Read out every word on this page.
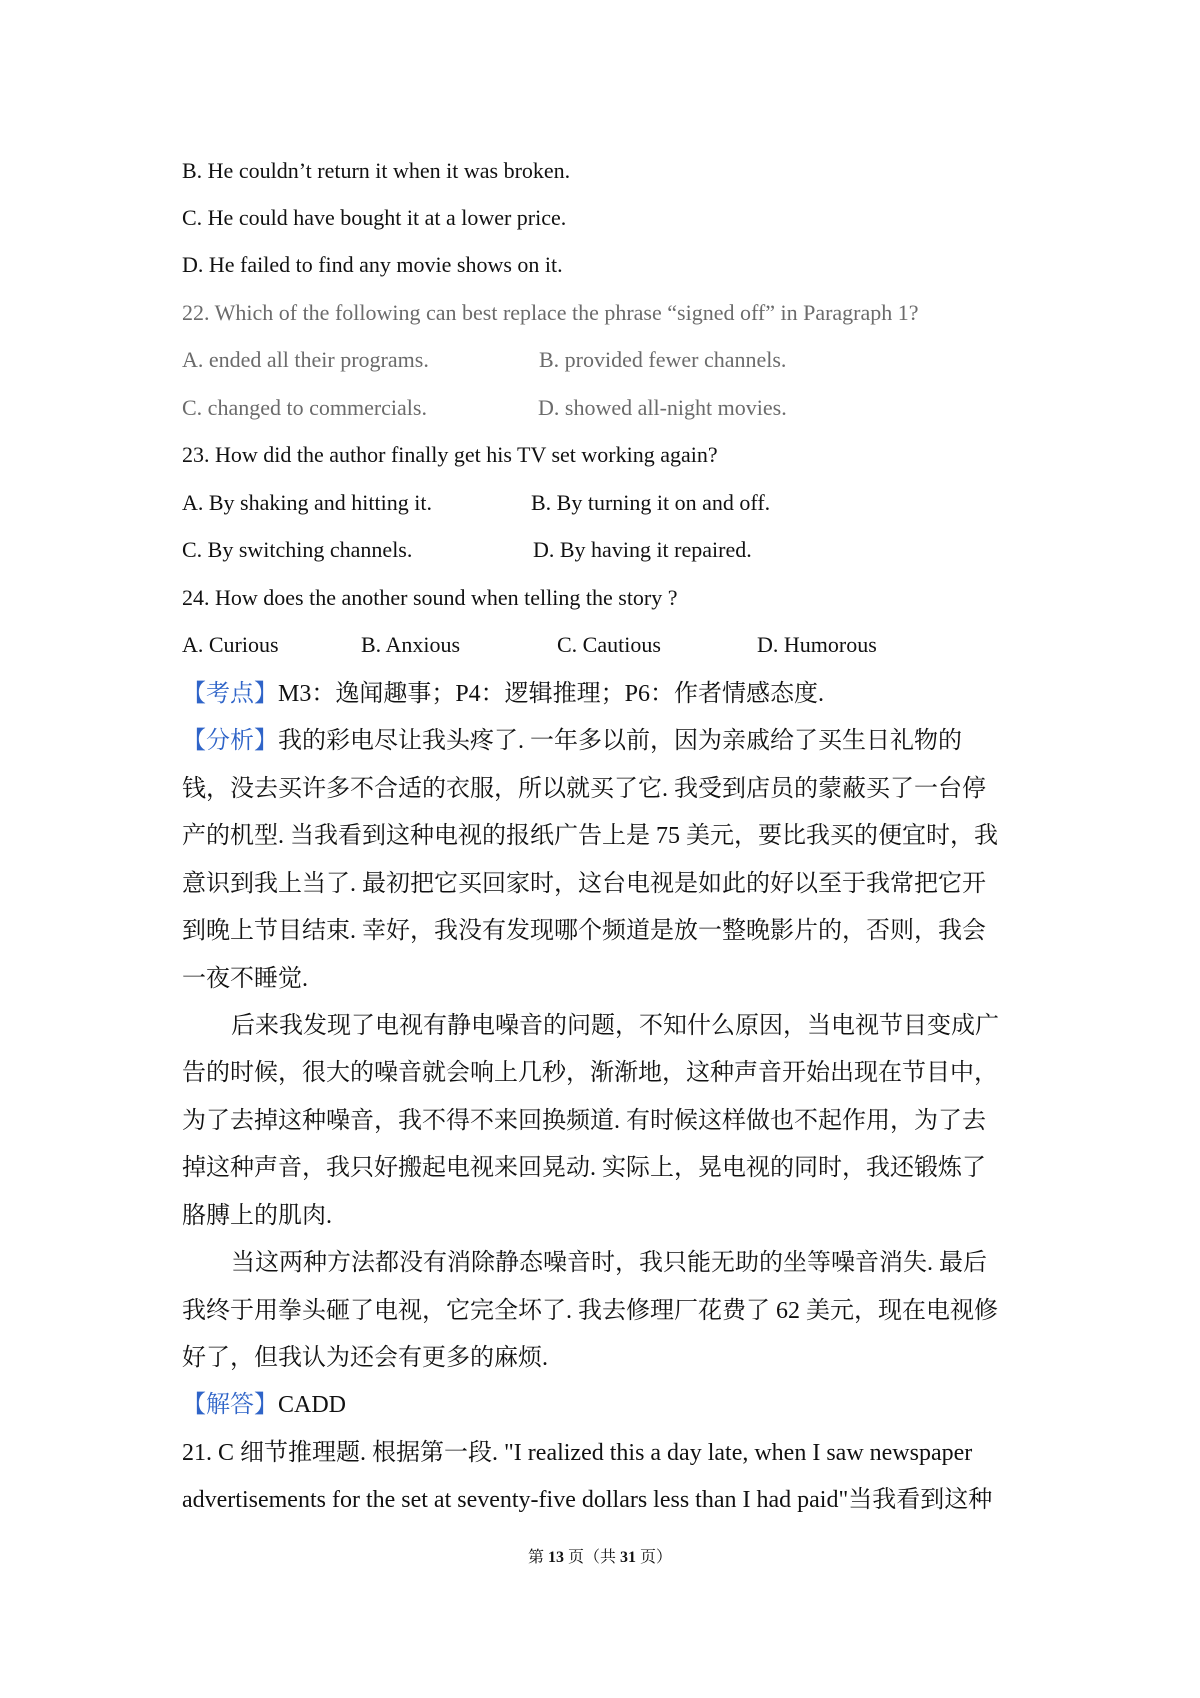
B. He couldn’t return it when it was broken.
C. He could have bought it at a lower price.
D. He failed to find any movie shows on it.
22. Which of the following can best replace the phrase “signed off” in Paragraph 1?
A. ended all their programs.	B. provided fewer channels.
C. changed to commercials.	D. showed all-night movies.
23. How did the author finally get his TV set working again?
A. By shaking and hitting it.	B. By turning it on and off.
C. By switching channels.	D. By having it repaired.
24. How does the another sound when telling the story ?
A. Curious	B. Anxious	C. Cautious	D. Humorous
【考点】M3：逸闻趣事；P4：逻辑推理；P6：作者情感态度.
【分析】我的彩电尽让我头疼了. 一年多以前，因为亲戚给了买生日礼物的
钱，没去买许多不合适的衣服，所以就买了它. 我受到店员的蒙蔽买了一台停
产的机型. 当我看到这种电视的报纸广告上是 75 美元，要比我买的便宜时，我
意识到我上当了. 最初把它买回家时，这台电视是如此的好以至于我常把它开
到晚上节目结束. 幸好，我没有发现哪个频道是放一整晚影片的，否则，我会
一夜不睡觉.
后来我发现了电视有静电噪音的问题，不知什么原因，当电视节目变成广
告的时候，很大的噪音就会响上几秒，渐渐地，这种声音开始出现在节目中，
为了去掉这种噪音，我不得不来回换频道. 有时候这样做也不起作用，为了去
掉这种声音，我只好搬起电视来回晃动. 实际上，晃电视的同时，我还锻炼了
胳膊上的肌肉.
当这两种方法都没有消除静态噪音时，我只能无助的坐等噪音消失. 最后
我终于用拳头砸了电视，它完全坏了. 我去修理厂花费了 62 美元，现在电视修
好了，但我认为还会有更多的麻烦.
【解答】CADD
21. C 细节推理题. 根据第一段. "I realized this a day late, when I saw newspaper
advertisements for the set at seventy-five dollars less than I had paid"当我看到这种
第 13 页（共 31 页）
